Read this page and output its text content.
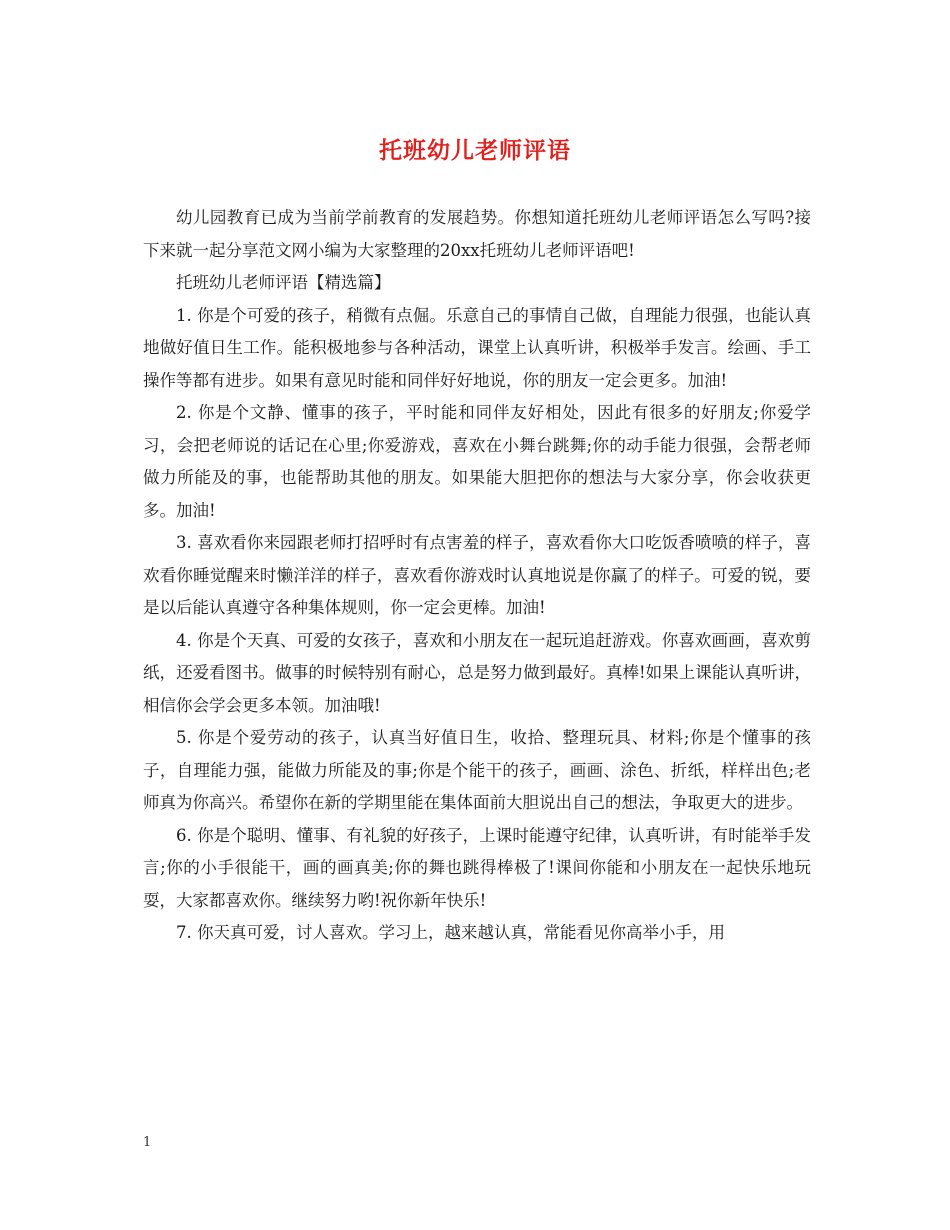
托班幼儿老师评语

幼儿园教育已成为当前学前教育的发展趋势。你想知道托班幼儿老师评语怎么写吗?接下来就一起分享范文网小编为大家整理的20xx托班幼儿老师评语吧!

托班幼儿老师评语【精选篇】

1. 你是个可爱的孩子，稍微有点倔。乐意自己的事情自己做，自理能力很强，也能认真地做好值日生工作。能积极地参与各种活动，课堂上认真听讲，积极举手发言。绘画、手工操作等都有进步。如果有意见时能和同伴好好地说，你的朋友一定会更多。加油!

2. 你是个文静、懂事的孩子，平时能和同伴友好相处，因此有很多的好朋友;你爱学习，会把老师说的话记在心里;你爱游戏，喜欢在小舞台跳舞;你的动手能力很强，会帮老师做力所能及的事，也能帮助其他的朋友。如果能大胆把你的想法与大家分享，你会收获更多。加油!

3. 喜欢看你来园跟老师打招呼时有点害羞的样子，喜欢看你大口吃饭香喷喷的样子，喜欢看你睡觉醒来时懒洋洋的样子，喜欢看你游戏时认真地说是你赢了的样子。可爱的锐，要是以后能认真遵守各种集体规则，你一定会更棒。加油!

4. 你是个天真、可爱的女孩子，喜欢和小朋友在一起玩追赶游戏。你喜欢画画，喜欢剪纸，还爱看图书。做事的时候特别有耐心，总是努力做到最好。真棒!如果上课能认真听讲，相信你会学会更多本领。加油哦!

5. 你是个爱劳动的孩子，认真当好值日生，收拾、整理玩具、材料;你是个懂事的孩子，自理能力强，能做力所能及的事;你是个能干的孩子，画画、涂色、折纸，样样出色;老师真为你高兴。希望你在新的学期里能在集体面前大胆说出自己的想法，争取更大的进步。

6. 你是个聪明、懂事、有礼貌的好孩子，上课时能遵守纪律，认真听讲，有时能举手发言;你的小手很能干，画的画真美;你的舞也跳得棒极了!课间你能和小朋友在一起快乐地玩耍，大家都喜欢你。继续努力哟!祝你新年快乐!

7. 你天真可爱，讨人喜欢。学习上，越来越认真，常能看见你高举小手，用

1
